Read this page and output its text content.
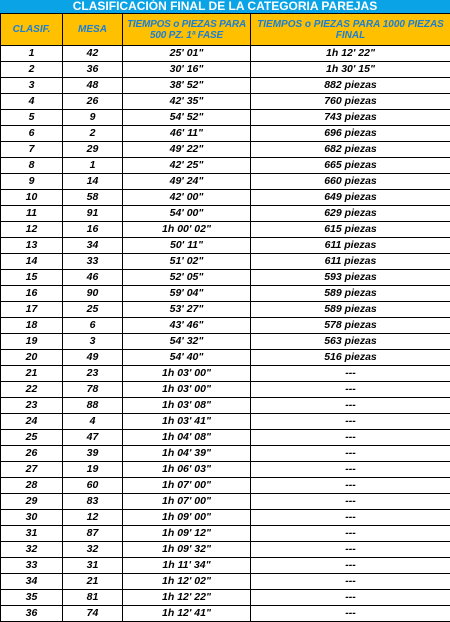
CLASIFICACIÓN FINAL DE LA CATEGORIA PAREJAS
CLASIF.	MESA	TIEMPOS o PIEZAS PARA 500 PZ. 1ª FASE	TIEMPOS o PIEZAS PARA 1000 PIEZAS FINAL
1	42	25' 01"	1h 12' 22"
2	36	30' 16"	1h 30' 15"
3	48	38' 52"	882 piezas
4	26	42' 35"	760 piezas
5	9	54' 52"	743 piezas
6	2	46' 11"	696 piezas
7	29	49' 22"	682 piezas
8	1	42' 25"	665 piezas
9	14	49' 24"	660 piezas
10	58	42' 00"	649 piezas
11	91	54' 00"	629 piezas
12	16	1h 00' 02"	615 piezas
13	34	50' 11"	611 piezas
14	33	51' 02"	611 piezas
15	46	52' 05"	593 piezas
16	90	59' 04"	589 piezas
17	25	53' 27"	589 piezas
18	6	43' 46"	578 piezas
19	3	54' 32"	563 piezas
20	49	54' 40"	516 piezas
21	23	1h 03' 00"	---
22	78	1h 03' 00"	---
23	88	1h 03' 08"	---
24	4	1h 03' 41"	---
25	47	1h 04' 08"	---
26	39	1h 04' 39"	---
27	19	1h 06' 03"	---
28	60	1h 07' 00"	---
29	83	1h 07' 00"	---
30	12	1h 09' 00"	---
31	87	1h 09' 12"	---
32	32	1h 09' 32"	---
33	31	1h 11' 34"	---
34	21	1h 12' 02"	---
35	81	1h 12' 22"	---
36	74	1h 12' 41"	---
